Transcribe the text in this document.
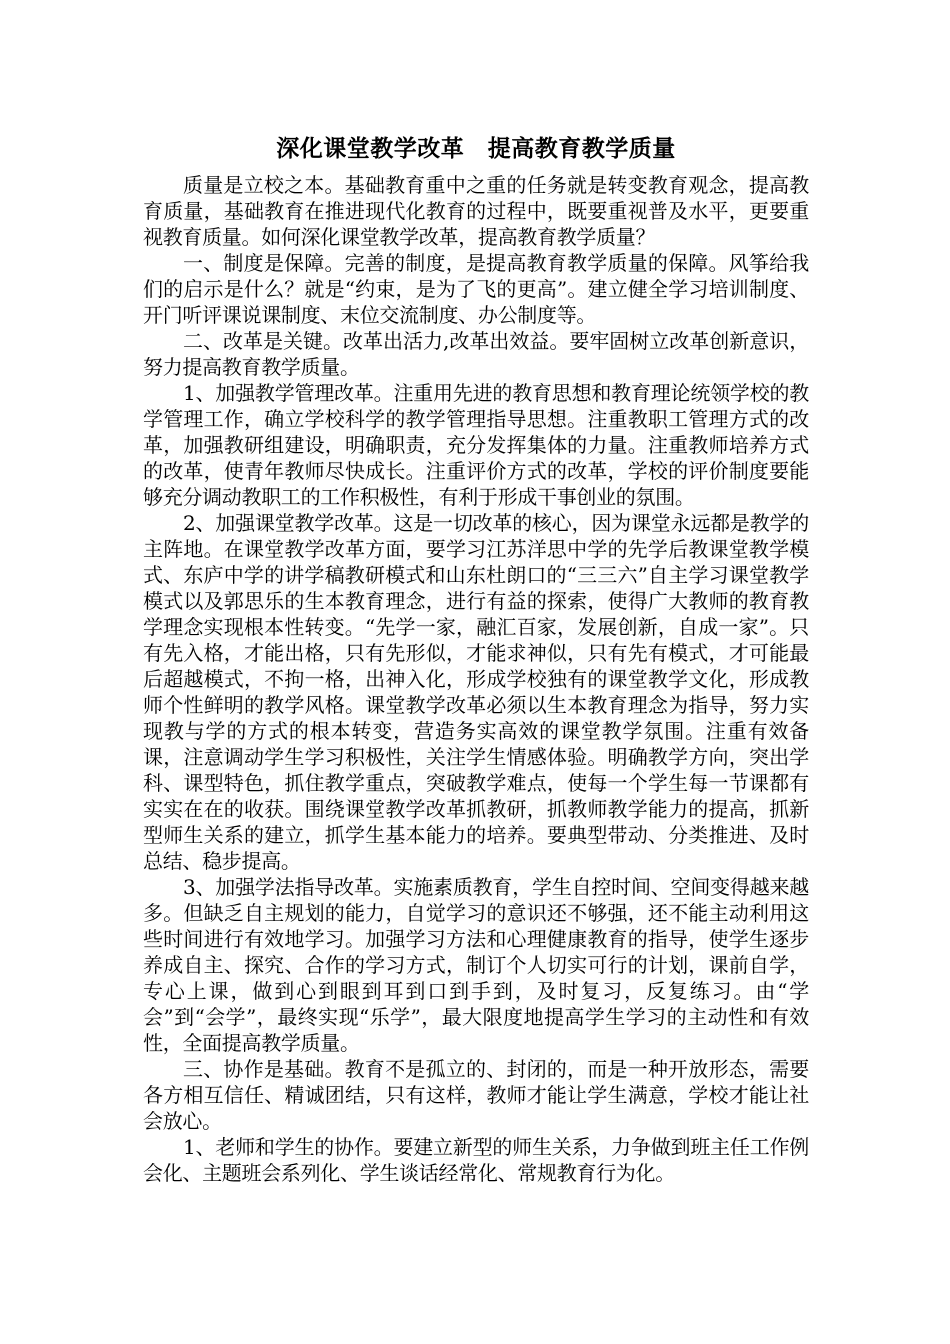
深化课堂教学改革　提高教育教学质量

质量是立校之本。基础教育重中之重的任务就是转变教育观念，提高教育质量，基础教育在推进现代化教育的过程中，既要重视普及水平，更要重视教育质量。如何深化课堂教学改革，提高教育教学质量？

一、制度是保障。完善的制度，是提高教育教学质量的保障。风筝给我们的启示是什么？就是“约束，是为了飞的更高”。建立健全学习培训制度、开门听评课说课制度、末位交流制度、办公制度等。

二、改革是关键。改革出活力,改革出效益。要牢固树立改革创新意识，努力提高教育教学质量。

1、加强教学管理改革。注重用先进的教育思想和教育理论统领学校的教学管理工作，确立学校科学的教学管理指导思想。注重教职工管理方式的改革，加强教研组建设，明确职责，充分发挥集体的力量。注重教师培养方式的改革，使青年教师尽快成长。注重评价方式的改革，学校的评价制度要能够充分调动教职工的工作积极性，有利于形成干事创业的氛围。

2、加强课堂教学改革。这是一切改革的核心，因为课堂永远都是教学的主阵地。在课堂教学改革方面，要学习江苏洋思中学的先学后教课堂教学模式、东庐中学的讲学稿教研模式和山东杜朗口的“三三六”自主学习课堂教学模式以及郭思乐的生本教育理念，进行有益的探索，使得广大教师的教育教学理念实现根本性转变。“先学一家，融汇百家，发展创新，自成一家”。只有先入格，才能出格，只有先形似，才能求神似，只有先有模式，才可能最后超越模式，不拘一格，出神入化，形成学校独有的课堂教学文化，形成教师个性鲜明的教学风格。课堂教学改革必须以生本教育理念为指导，努力实现教与学的方式的根本转变，营造务实高效的课堂教学氛围。注重有效备课，注意调动学生学习积极性，关注学生情感体验。明确教学方向，突出学科、课型特色，抓住教学重点，突破教学难点，使每一个学生每一节课都有实实在在的收获。围绕课堂教学改革抓教研，抓教师教学能力的提高，抓新型师生关系的建立，抓学生基本能力的培养。要典型带动、分类推进、及时总结、稳步提高。

3、加强学法指导改革。实施素质教育，学生自控时间、空间变得越来越多。但缺乏自主规划的能力，自觉学习的意识还不够强，还不能主动利用这些时间进行有效地学习。加强学习方法和心理健康教育的指导，使学生逐步养成自主、探究、合作的学习方式，制订个人切实可行的计划，课前自学，专心上课，做到心到眼到耳到口到手到，及时复习，反复练习。由“学会”到“会学”，最终实现“乐学”，最大限度地提高学生学习的主动性和有效性，全面提高教学质量。

三、协作是基础。教育不是孤立的、封闭的，而是一种开放形态，需要各方相互信任、精诚团结，只有这样，教师才能让学生满意，学校才能让社会放心。

1、老师和学生的协作。要建立新型的师生关系，力争做到班主任工作例会化、主题班会系列化、学生谈话经常化、常规教育行为化。
